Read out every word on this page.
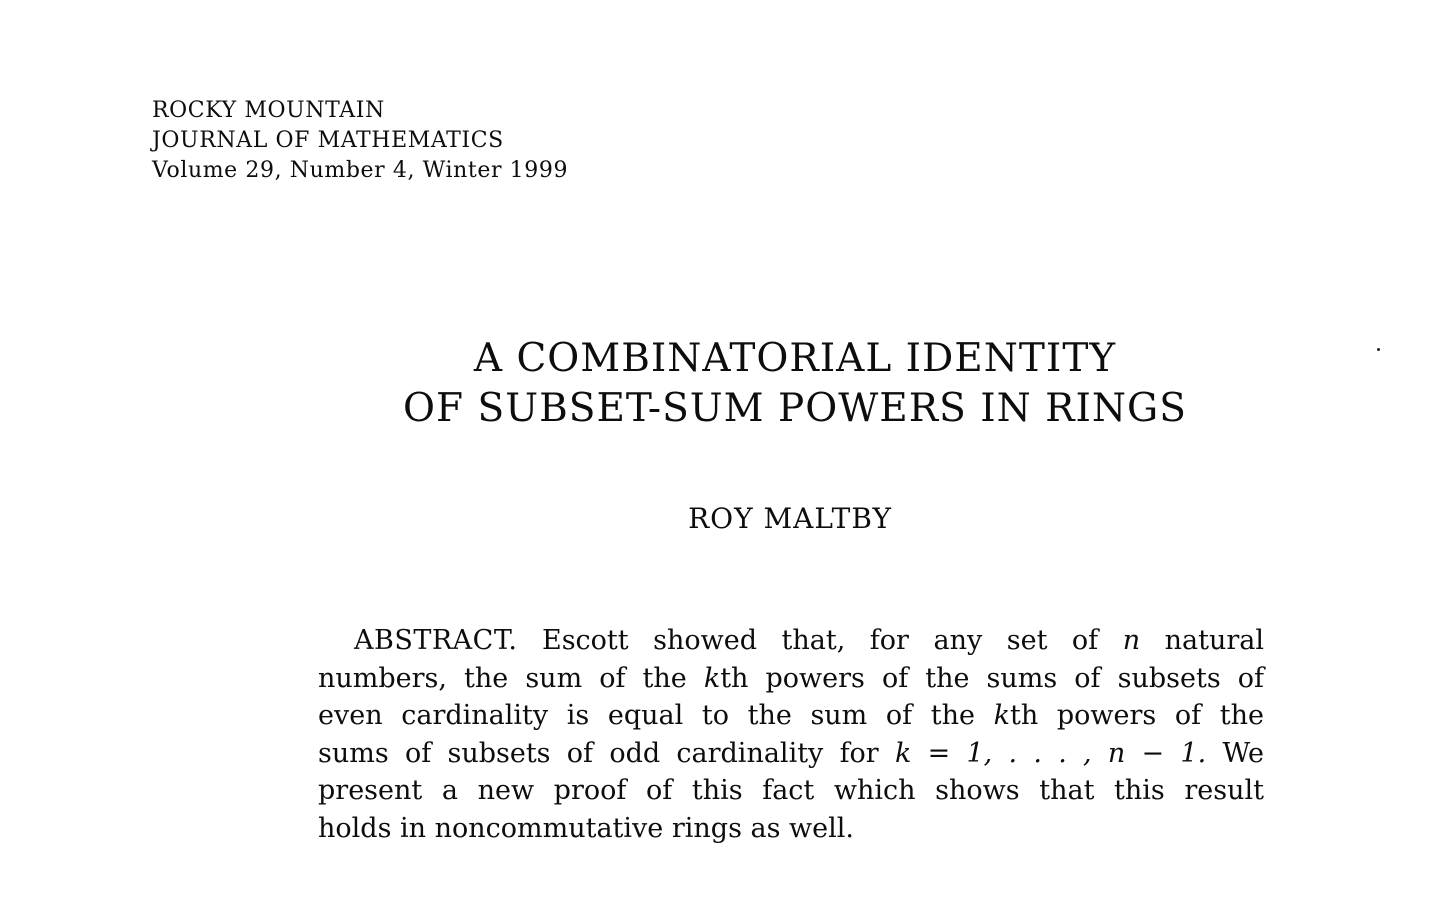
ROCKY MOUNTAIN
JOURNAL OF MATHEMATICS
Volume 29, Number 4, Winter 1999
A COMBINATORIAL IDENTITY
OF SUBSET-SUM POWERS IN RINGS
ROY MALTBY
ABSTRACT. Escott showed that, for any set of n natural
numbers, the sum of the kth powers of the sums of subsets of
even cardinality is equal to the sum of the kth powers of the
sums of subsets of odd cardinality for k = 1, . . . , n − 1. We
present a new proof of this fact which shows that this result
holds in noncommutative rings as well.
